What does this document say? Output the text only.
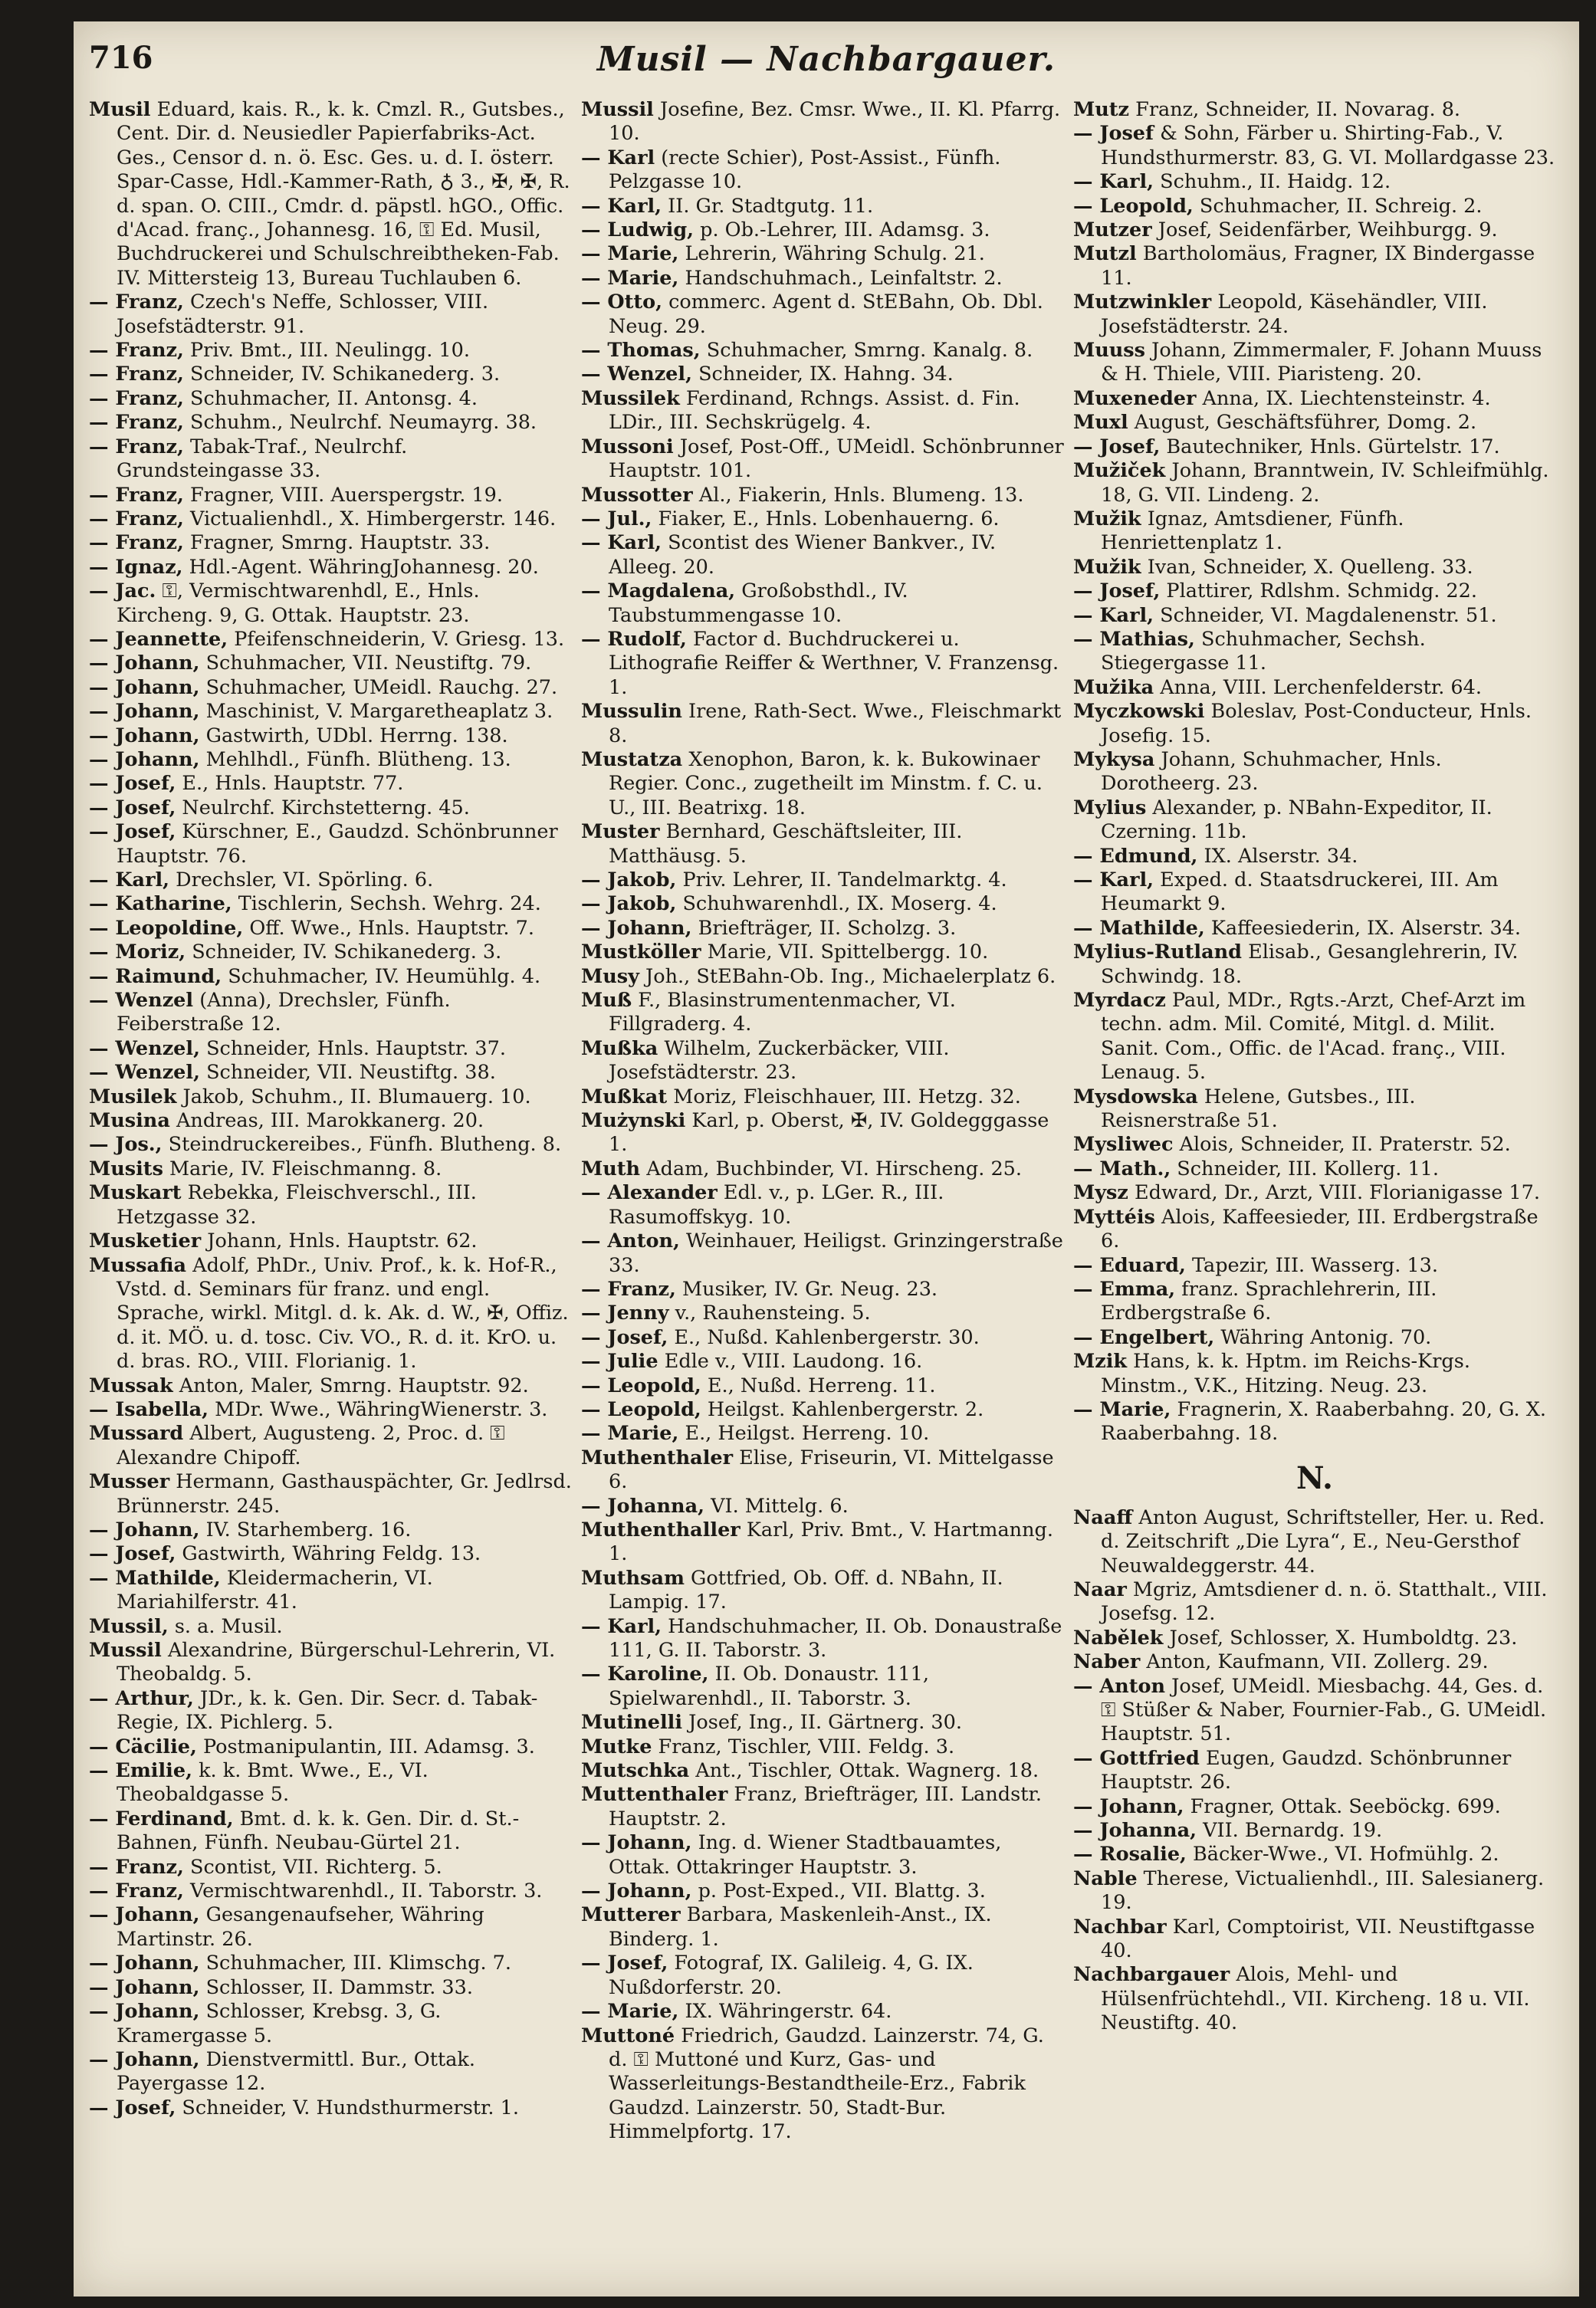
716	Musil — Nachbargauer.

Musil Eduard, kais. R., k. k. Cmzl. R., Gutsbes., Cent. Dir. d. Neusiedler Papierfabriks-Act. Ges., Censor d. n. ö. Esc. Ges. u. d. I. österr. Spar-Casse, Hdl.-Kammer-Rath, ♁ 3., ✠, ✠, R. d. span. O. CIII., Cmdr. d. päpstl. hGO., Offic. d'Acad. franç., Johannesg. 16, ⚿ Ed. Musil, Buchdruckerei und Schulschreibtheken-Fab. IV. Mittersteig 13, Bureau Tuchlauben 6.

— Franz, Czech's Neffe, Schlosser, VIII. Josefstädterstr. 91.

— Franz, Priv. Bmt., III. Neulingg. 10.

— Franz, Schneider, IV. Schikanederg. 3.

— Franz, Schuhmacher, II. Antonsg. 4.

— Franz, Schuhm., Neulrchf. Neumayrg. 38.

— Franz, Tabak-Traf., Neulrchf. Grundsteingasse 33.

— Franz, Fragner, VIII. Auerspergstr. 19.

— Franz, Victualienhdl., X. Himbergerstr. 146.

— Franz, Fragner, Smrng. Hauptstr. 33.

— Ignaz, Hdl.-Agent. WähringJohannesg. 20.

— Jac. ⚿, Vermischtwarenhdl, E., Hnls. Kircheng. 9, G. Ottak. Hauptstr. 23.

— Jeannette, Pfeifenschneiderin, V. Griesg. 13.

— Johann, Schuhmacher, VII. Neustiftg. 79.

— Johann, Schuhmacher, UMeidl. Rauchg. 27.

— Johann, Maschinist, V. Margaretheaplatz 3.

— Johann, Gastwirth, UDbl. Herrng. 138.

— Johann, Mehlhdl., Fünfh. Blütheng. 13.

— Josef, E., Hnls. Hauptstr. 77.

— Josef, Neulrchf. Kirchstetterng. 45.

— Josef, Kürschner, E., Gaudzd. Schönbrunner Hauptstr. 76.

— Karl, Drechsler, VI. Spörling. 6.

— Katharine, Tischlerin, Sechsh. Wehrg. 24.

— Leopoldine, Off. Wwe., Hnls. Hauptstr. 7.

— Moriz, Schneider, IV. Schikanederg. 3.

— Raimund, Schuhmacher, IV. Heumühlg. 4.

— Wenzel (Anna), Drechsler, Fünfh. Feiberstraße 12.

— Wenzel, Schneider, Hnls. Hauptstr. 37.

— Wenzel, Schneider, VII. Neustiftg. 38.

Musilek Jakob, Schuhm., II. Blumauerg. 10.

Musina Andreas, III. Marokkanerg. 20.

— Jos., Steindruckereibes., Fünfh. Blutheng. 8.

Musits Marie, IV. Fleischmanng. 8.

Muskart Rebekka, Fleischverschl., III. Hetzgasse 32.

Musketier Johann, Hnls. Hauptstr. 62.

Mussafia Adolf, PhDr., Univ. Prof., k. k. Hof-R., Vstd. d. Seminars für franz. und engl. Sprache, wirkl. Mitgl. d. k. Ak. d. W., ✠, Offiz. d. it. MÖ. u. d. tosc. Civ. VO., R. d. it. KrO. u. d. bras. RO., VIII. Florianig. 1.

Mussak Anton, Maler, Smrng. Hauptstr. 92.

— Isabella, MDr. Wwe., WähringWienerstr. 3.

Mussard Albert, Augusteng. 2, Proc. d. ⚿ Alexandre Chipoff.

Musser Hermann, Gasthauspächter, Gr. Jedlrsd. Brünnerstr. 245.

— Johann, IV. Starhemberg. 16.

— Josef, Gastwirth, Währing Feldg. 13.

— Mathilde, Kleidermacherin, VI. Mariahilferstr. 41.

Mussil, s. a. Musil.

Mussil Alexandrine, Bürgerschul-Lehrerin, VI. Theobaldg. 5.

— Arthur, JDr., k. k. Gen. Dir. Secr. d. Tabak-Regie, IX. Pichlerg. 5.

— Cäcilie, Postmanipulantin, III. Adamsg. 3.

— Emilie, k. k. Bmt. Wwe., E., VI. Theobaldgasse 5.

— Ferdinand, Bmt. d. k. k. Gen. Dir. d. St.-Bahnen, Fünfh. Neubau-Gürtel 21.

— Franz, Scontist, VII. Richterg. 5.

— Franz, Vermischtwarenhdl., II. Taborstr. 3.

— Johann, Gesangenaufseher, Währing Martinstr. 26.

— Johann, Schuhmacher, III. Klimschg. 7.

— Johann, Schlosser, II. Dammstr. 33.

— Johann, Schlosser, Krebsg. 3, G. Kramergasse 5.

— Johann, Dienstvermittl. Bur., Ottak. Payergasse 12.

— Josef, Schneider, V. Hundsthurmerstr. 1.

Mussil Josefine, Bez. Cmsr. Wwe., II. Kl. Pfarrg. 10.

— Karl (recte Schier), Post-Assist., Fünfh. Pelzgasse 10.

— Karl, II. Gr. Stadtgutg. 11.

— Ludwig, p. Ob.-Lehrer, III. Adamsg. 3.

— Marie, Lehrerin, Währing Schulg. 21.

— Marie, Handschuhmach., Leinfaltstr. 2.

— Otto, commerc. Agent d. StEBahn, Ob. Dbl. Neug. 29.

— Thomas, Schuhmacher, Smrng. Kanalg. 8.

— Wenzel, Schneider, IX. Hahng. 34.

Mussilek Ferdinand, Rchngs. Assist. d. Fin. LDir., III. Sechskrügelg. 4.

Mussoni Josef, Post-Off., UMeidl. Schönbrunner Hauptstr. 101.

Mussotter Al., Fiakerin, Hnls. Blumeng. 13.

— Jul., Fiaker, E., Hnls. Lobenhauerng. 6.

— Karl, Scontist des Wiener Bankver., IV. Alleeg. 20.

— Magdalena, Großobsthdl., IV. Taubstummengasse 10.

— Rudolf, Factor d. Buchdruckerei u. Lithografie Reiffer & Werthner, V. Franzensg. 1.

Mussulin Irene, Rath-Sect. Wwe., Fleischmarkt 8.

Mustatza Xenophon, Baron, k. k. Bukowinaer Regier. Conc., zugetheilt im Minstm. f. C. u. U., III. Beatrixg. 18.

Muster Bernhard, Geschäftsleiter, III. Matthäusg. 5.

— Jakob, Priv. Lehrer, II. Tandelmarktg. 4.

— Jakob, Schuhwarenhdl., IX. Moserg. 4.

— Johann, Briefträger, II. Scholzg. 3.

Mustköller Marie, VII. Spittelbergg. 10.

Musy Joh., StEBahn-Ob. Ing., Michaelerplatz 6.

Muß F., Blasinstrumentenmacher, VI. Fillgraderg. 4.

Mußka Wilhelm, Zuckerbäcker, VIII. Josefstädterstr. 23.

Mußkat Moriz, Fleischhauer, III. Hetzg. 32.

Mużynski Karl, p. Oberst, ✠, IV. Goldegggasse 1.

Muth Adam, Buchbinder, VI. Hirscheng. 25.

— Alexander Edl. v., p. LGer. R., III. Rasumoffskyg. 10.

— Anton, Weinhauer, Heiligst. Grinzingerstraße 33.

— Franz, Musiker, IV. Gr. Neug. 23.

— Jenny v., Rauhensteing. 5.

— Josef, E., Nußd. Kahlenbergerstr. 30.

— Julie Edle v., VIII. Laudong. 16.

— Leopold, E., Nußd. Herreng. 11.

— Leopold, Heilgst. Kahlenbergerstr. 2.

— Marie, E., Heilgst. Herreng. 10.

Muthenthaler Elise, Friseurin, VI. Mittelgasse 6.

— Johanna, VI. Mittelg. 6.

Muthenthaller Karl, Priv. Bmt., V. Hartmanng. 1.

Muthsam Gottfried, Ob. Off. d. NBahn, II. Lampig. 17.

— Karl, Handschuhmacher, II. Ob. Donaustraße 111, G. II. Taborstr. 3.

— Karoline, II. Ob. Donaustr. 111, Spielwarenhdl., II. Taborstr. 3.

Mutinelli Josef, Ing., II. Gärtnerg. 30.

Mutke Franz, Tischler, VIII. Feldg. 3.

Mutschka Ant., Tischler, Ottak. Wagnerg. 18.

Muttenthaler Franz, Briefträger, III. Landstr. Hauptstr. 2.

— Johann, Ing. d. Wiener Stadtbauamtes, Ottak. Ottakringer Hauptstr. 3.

— Johann, p. Post-Exped., VII. Blattg. 3.

Mutterer Barbara, Maskenleih-Anst., IX. Binderg. 1.

— Josef, Fotograf, IX. Galileig. 4, G. IX. Nußdorferstr. 20.

— Marie, IX. Währingerstr. 64.

Muttoné Friedrich, Gaudzd. Lainzerstr. 74, G. d. ⚿ Muttoné und Kurz, Gas- und Wasserleitungs-Bestandtheile-Erz., Fabrik Gaudzd. Lainzerstr. 50, Stadt-Bur. Himmelpfortg. 17.

Mutz Franz, Schneider, II. Novarag. 8.

— Josef & Sohn, Färber u. Shirting-Fab., V. Hundsthurmerstr. 83, G. VI. Mollardgasse 23.

— Karl, Schuhm., II. Haidg. 12.

— Leopold, Schuhmacher, II. Schreig. 2.

Mutzer Josef, Seidenfärber, Weihburgg. 9.

Mutzl Bartholomäus, Fragner, IX Bindergasse 11.

Mutzwinkler Leopold, Käsehändler, VIII. Josefstädterstr. 24.

Muuss Johann, Zimmermaler, F. Johann Muuss & H. Thiele, VIII. Piaristeng. 20.

Muxeneder Anna, IX. Liechtensteinstr. 4.

Muxl August, Geschäftsführer, Domg. 2.

— Josef, Bautechniker, Hnls. Gürtelstr. 17.

Mužiček Johann, Branntwein, IV. Schleifmühlg. 18, G. VII. Lindeng. 2.

Mužik Ignaz, Amtsdiener, Fünfh. Henriettenplatz 1.

Mužik Ivan, Schneider, X. Quelleng. 33.

— Josef, Plattirer, Rdlshm. Schmidg. 22.

— Karl, Schneider, VI. Magdalenenstr. 51.

— Mathias, Schuhmacher, Sechsh. Stiegergasse 11.

Mužika Anna, VIII. Lerchenfelderstr. 64.

Myczkowski Boleslav, Post-Conducteur, Hnls. Josefig. 15.

Mykysa Johann, Schuhmacher, Hnls. Dorotheerg. 23.

Mylius Alexander, p. NBahn-Expeditor, II. Czerning. 11b.

— Edmund, IX. Alserstr. 34.

— Karl, Exped. d. Staatsdruckerei, III. Am Heumarkt 9.

— Mathilde, Kaffeesiederin, IX. Alserstr. 34.

Mylius-Rutland Elisab., Gesanglehrerin, IV. Schwindg. 18.

Myrdacz Paul, MDr., Rgts.-Arzt, Chef-Arzt im techn. adm. Mil. Comité, Mitgl. d. Milit. Sanit. Com., Offic. de l'Acad. franç., VIII. Lenaug. 5.

Mysdowska Helene, Gutsbes., III. Reisnerstraße 51.

Mysliwec Alois, Schneider, II. Praterstr. 52.

— Math., Schneider, III. Kollerg. 11.

Mysz Edward, Dr., Arzt, VIII. Florianigasse 17.

Myttéis Alois, Kaffeesieder, III. Erdbergstraße 6.

— Eduard, Tapezir, III. Wasserg. 13.

— Emma, franz. Sprachlehrerin, III. Erdbergstraße 6.

— Engelbert, Währing Antonig. 70.

Mzik Hans, k. k. Hptm. im Reichs-Krgs. Minstm., V.K., Hitzing. Neug. 23.

— Marie, Fragnerin, X. Raaberbahng. 20, G. X. Raaberbahng. 18.

N.

Naaff Anton August, Schriftsteller, Her. u. Red. d. Zeitschrift „Die Lyra“, E., Neu-Gersthof Neuwaldeggerstr. 44.

Naar Mgriz, Amtsdiener d. n. ö. Statthalt., VIII. Josefsg. 12.

Nabělek Josef, Schlosser, X. Humboldtg. 23.

Naber Anton, Kaufmann, VII. Zollerg. 29.

— Anton Josef, UMeidl. Miesbachg. 44, Ges. d. ⚿ Stüßer & Naber, Fournier-Fab., G. UMeidl. Hauptstr. 51.

— Gottfried Eugen, Gaudzd. Schönbrunner Hauptstr. 26.

— Johann, Fragner, Ottak. Seeböckg. 699.

— Johanna, VII. Bernardg. 19.

— Rosalie, Bäcker-Wwe., VI. Hofmühlg. 2.

Nable Therese, Victualienhdl., III. Salesianerg. 19.

Nachbar Karl, Comptoirist, VII. Neustiftgasse 40.

Nachbargauer Alois, Mehl- und Hülsenfrüchtehdl., VII. Kircheng. 18 u. VII. Neustiftg. 40.
